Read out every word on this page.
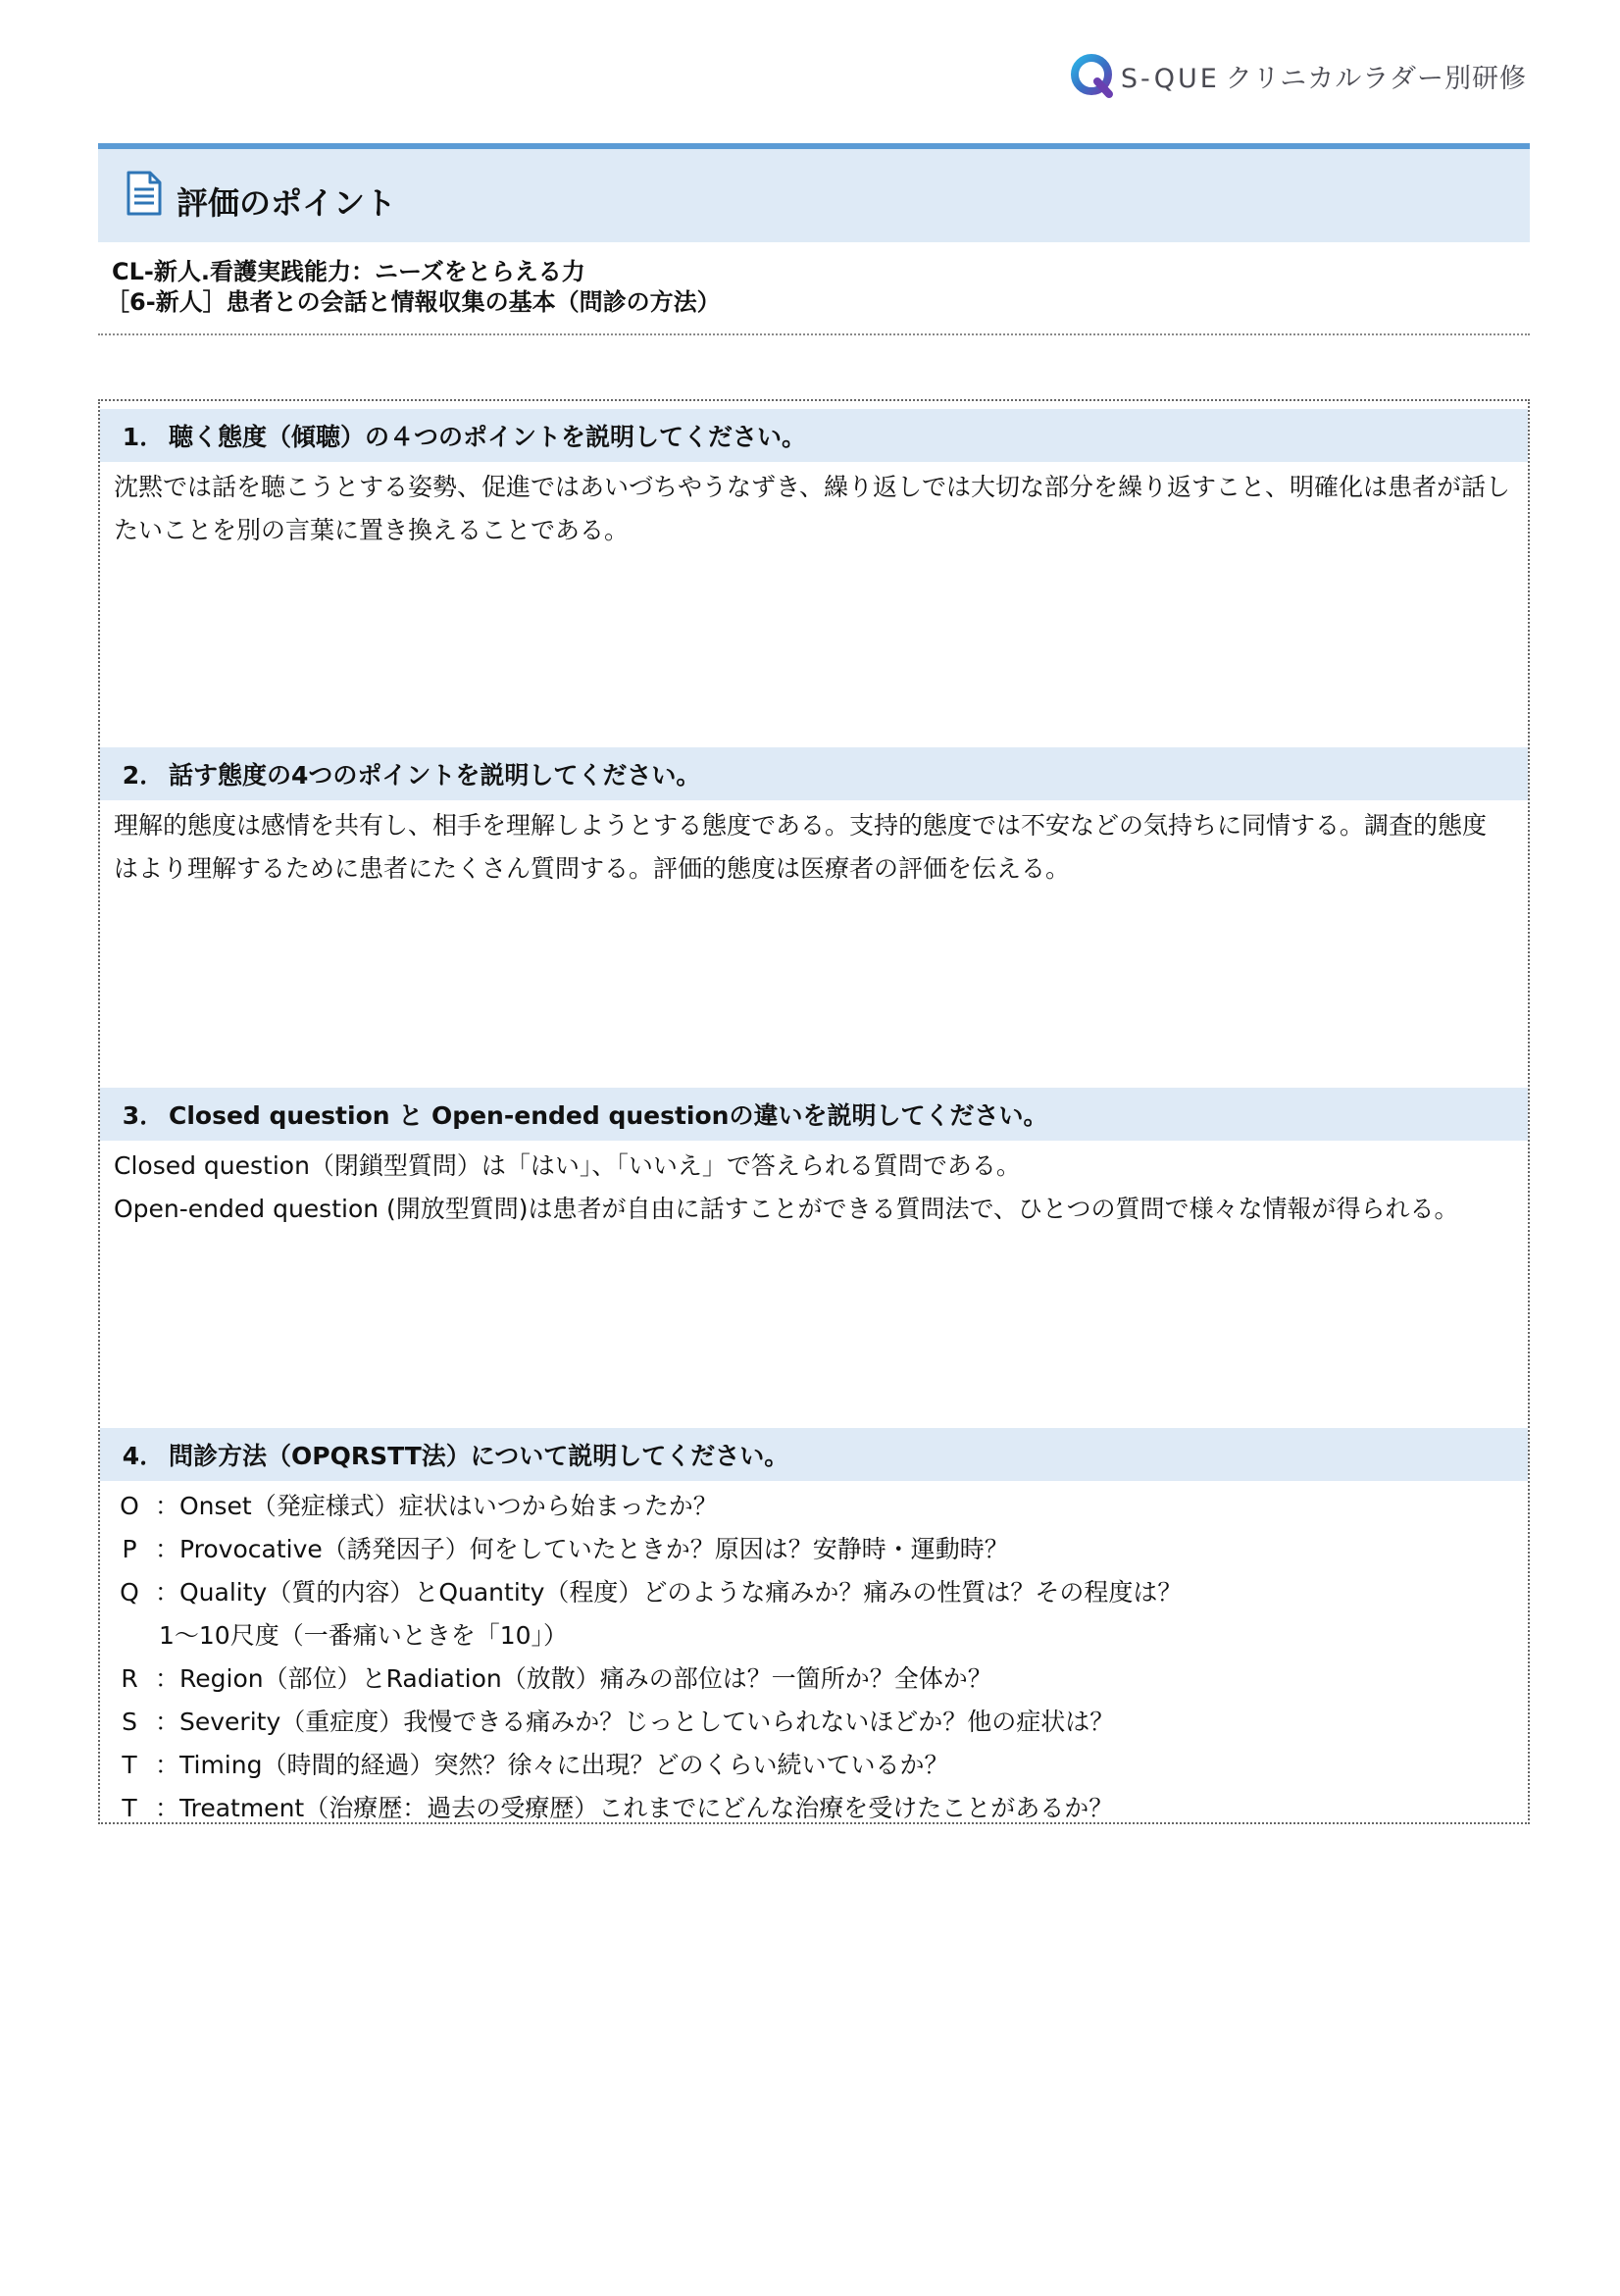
S-QUE クリニカルラダー別研修
評価のポイント
CL-新人.看護実践能力：ニーズをとらえる力
［6-新人］患者との会話と情報収集の基本（問診の方法）
1． 聴く態度（傾聴）の４つのポイントを説明してください。

沈黙では話を聴こうとする姿勢、促進ではあいづちやうなずき、繰り返しでは大切な部分を繰り返すこと、明確化は患者が話したいことを別の言葉に置き換えることである。

2． 話す態度の4つのポイントを説明してください。

理解的態度は感情を共有し、相手を理解しようとする態度である。支持的態度では不安などの気持ちに同情する。調査的態度はより理解するために患者にたくさん質問する。評価的態度は医療者の評価を伝える。

3． Closed question と Open-ended questionの違いを説明してください。

Closed question（閉鎖型質問）は「はい」、「いいえ」で答えられる質問である。

Open-ended question (開放型質問)は患者が自由に話すことができる質問法で、ひとつの質問で様々な情報が得られる。

4． 問診方法（OPQRSTT法）について説明してください。
O ：Onset（発症様式）症状はいつから始まったか？
P ：Provocative（誘発因子）何をしていたときか？原因は？安静時・運動時？
Q ：Quality（質的内容）とQuantity（程度）どのような痛みか？痛みの性質は？その程度は？
1～10尺度（一番痛いときを「10」）
R ：Region（部位）とRadiation（放散）痛みの部位は？一箇所か？全体か？
S ：Severity（重症度）我慢できる痛みか？じっとしていられないほどか？他の症状は？
T ：Timing（時間的経過）突然？徐々に出現？どのくらい続いているか？
T ：Treatment（治療歴：過去の受療歴）これまでにどんな治療を受けたことがあるか？
